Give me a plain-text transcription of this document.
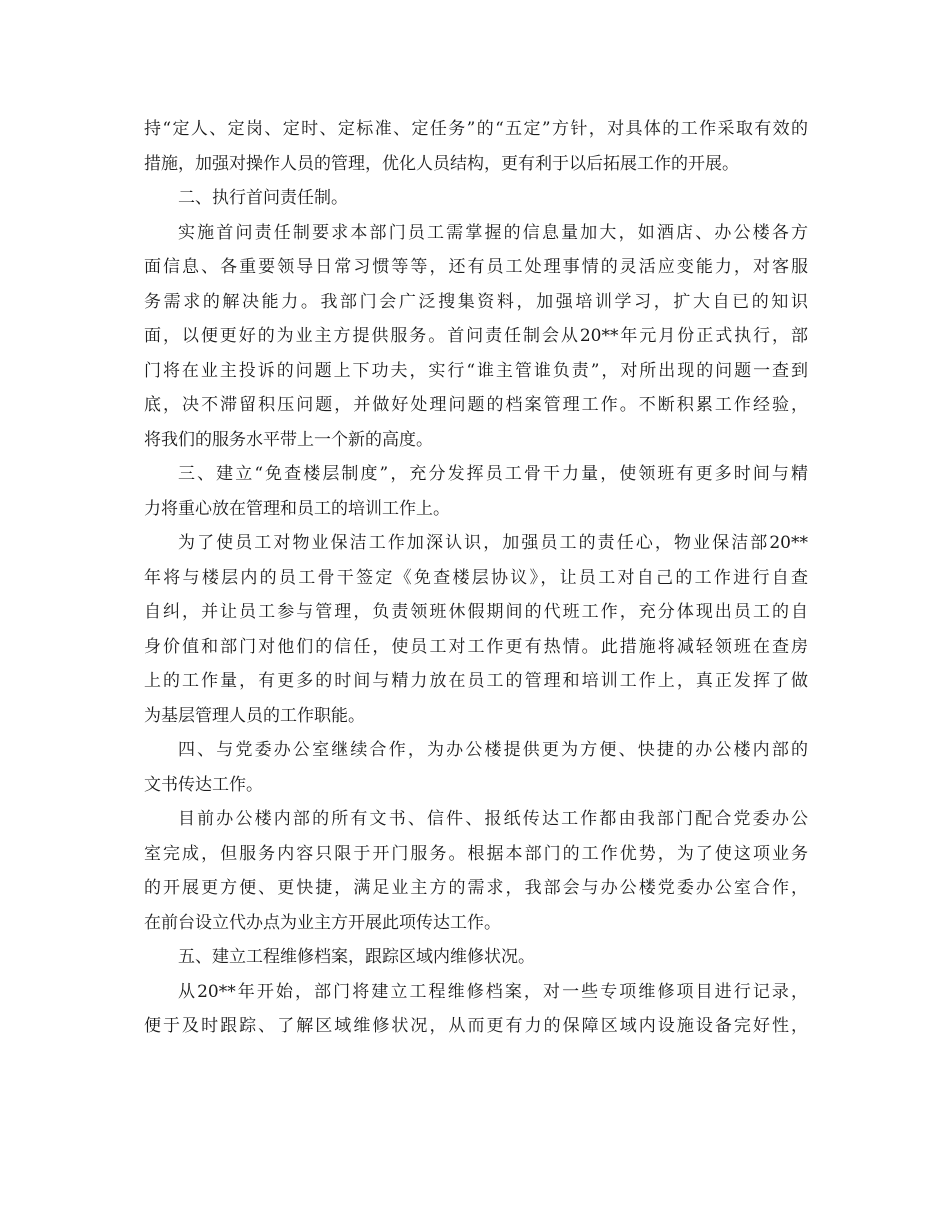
持“定人、定岗、定时、定标准、定任务”的“五定”方针，对具体的工作采取有效的
措施，加强对操作人员的管理，优化人员结构，更有利于以后拓展工作的开展。
二、执行首问责任制。
实施首问责任制要求本部门员工需掌握的信息量加大，如酒店、办公楼各方
面信息、各重要领导日常习惯等等，还有员工处理事情的灵活应变能力，对客服
务需求的解决能力。我部门会广泛搜集资料，加强培训学习，扩大自已的知识
面，以便更好的为业主方提供服务。首问责任制会从20**年元月份正式执行，部
门将在业主投诉的问题上下功夫，实行“谁主管谁负责”，对所出现的问题一查到
底，决不滞留积压问题，并做好处理问题的档案管理工作。不断积累工作经验，
将我们的服务水平带上一个新的高度。
三、建立“免查楼层制度”，充分发挥员工骨干力量，使领班有更多时间与精
力将重心放在管理和员工的培训工作上。
为了使员工对物业保洁工作加深认识，加强员工的责任心，物业保洁部20**
年将与楼层内的员工骨干签定《免查楼层协议》，让员工对自己的工作进行自查
自纠，并让员工参与管理，负责领班休假期间的代班工作，充分体现出员工的自
身价值和部门对他们的信任，使员工对工作更有热情。此措施将减轻领班在查房
上的工作量，有更多的时间与精力放在员工的管理和培训工作上，真正发挥了做
为基层管理人员的工作职能。
四、与党委办公室继续合作，为办公楼提供更为方便、快捷的办公楼内部的
文书传达工作。
目前办公楼内部的所有文书、信件、报纸传达工作都由我部门配合党委办公
室完成，但服务内容只限于开门服务。根据本部门的工作优势，为了使这项业务
的开展更方便、更快捷，满足业主方的需求，我部会与办公楼党委办公室合作，
在前台设立代办点为业主方开展此项传达工作。
五、建立工程维修档案，跟踪区域内维修状况。
从20**年开始，部门将建立工程维修档案，对一些专项维修项目进行记录，
便于及时跟踪、了解区域维修状况，从而更有力的保障区域内设施设备完好性，
